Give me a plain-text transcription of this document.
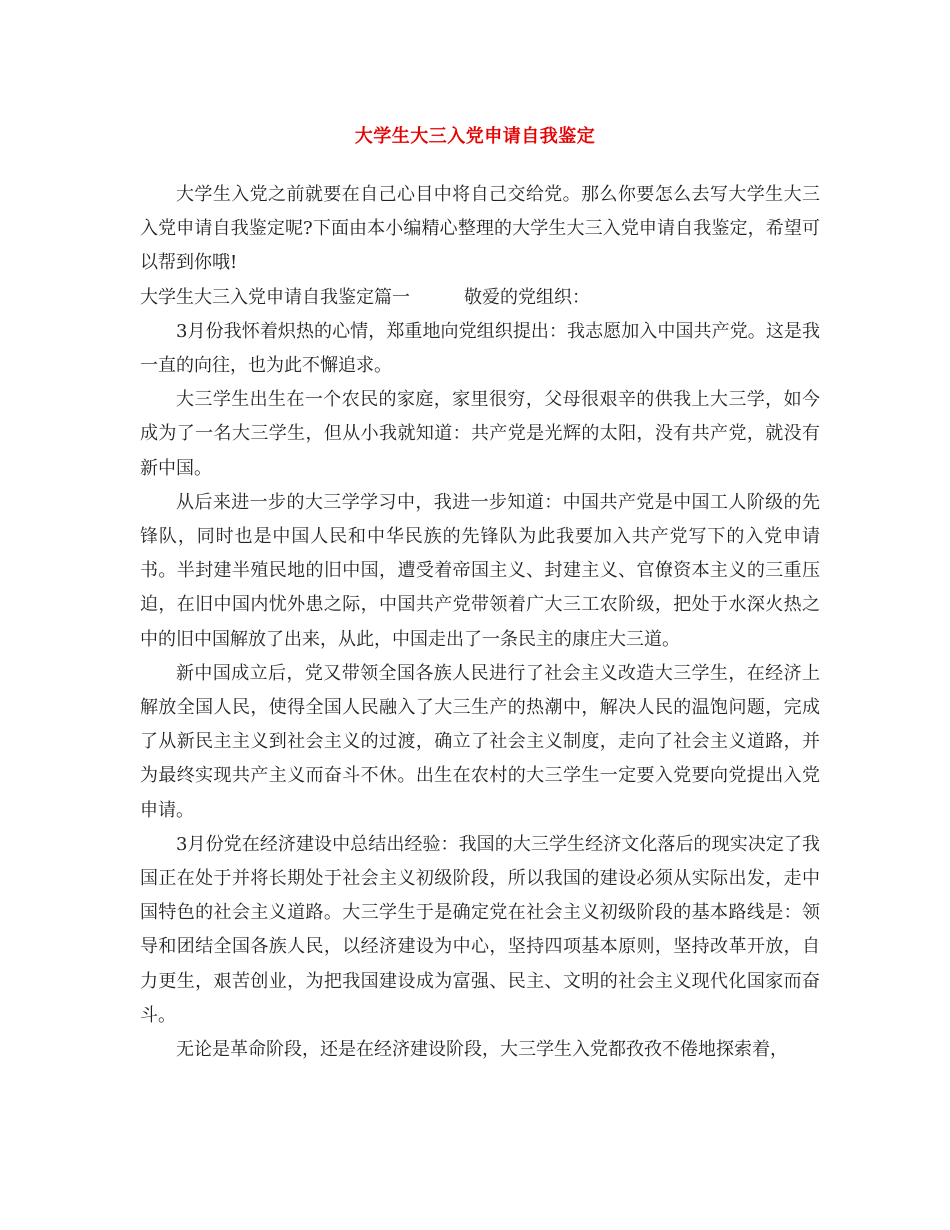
大学生大三入党申请自我鉴定

大学生入党之前就要在自己心目中将自己交给党。那么你要怎么去写大学生大三入党申请自我鉴定呢?下面由本小编精心整理的大学生大三入党申请自我鉴定，希望可以帮到你哦!

大学生大三入党申请自我鉴定篇一	敬爱的党组织：

3月份我怀着炽热的心情，郑重地向党组织提出：我志愿加入中国共产党。这是我一直的向往，也为此不懈追求。

大三学生出生在一个农民的家庭，家里很穷，父母很艰辛的供我上大三学，如今成为了一名大三学生，但从小我就知道：共产党是光辉的太阳，没有共产党，就没有新中国。

从后来进一步的大三学学习中，我进一步知道：中国共产党是中国工人阶级的先锋队，同时也是中国人民和中华民族的先锋队为此我要加入共产党写下的入党申请书。半封建半殖民地的旧中国，遭受着帝国主义、封建主义、官僚资本主义的三重压迫，在旧中国内忧外患之际，中国共产党带领着广大三工农阶级，把处于水深火热之中的旧中国解放了出来，从此，中国走出了一条民主的康庄大三道。

新中国成立后，党又带领全国各族人民进行了社会主义改造大三学生，在经济上解放全国人民，使得全国人民融入了大三生产的热潮中，解决人民的温饱问题，完成了从新民主主义到社会主义的过渡，确立了社会主义制度，走向了社会主义道路，并为最终实现共产主义而奋斗不休。出生在农村的大三学生一定要入党要向党提出入党申请。

3月份党在经济建设中总结出经验：我国的大三学生经济文化落后的现实决定了我国正在处于并将长期处于社会主义初级阶段，所以我国的建设必须从实际出发，走中国特色的社会主义道路。大三学生于是确定党在社会主义初级阶段的基本路线是：领导和团结全国各族人民，以经济建设为中心，坚持四项基本原则，坚持改革开放，自力更生，艰苦创业，为把我国建设成为富强、民主、文明的社会主义现代化国家而奋斗。

无论是革命阶段，还是在经济建设阶段，大三学生入党都孜孜不倦地探索着，
